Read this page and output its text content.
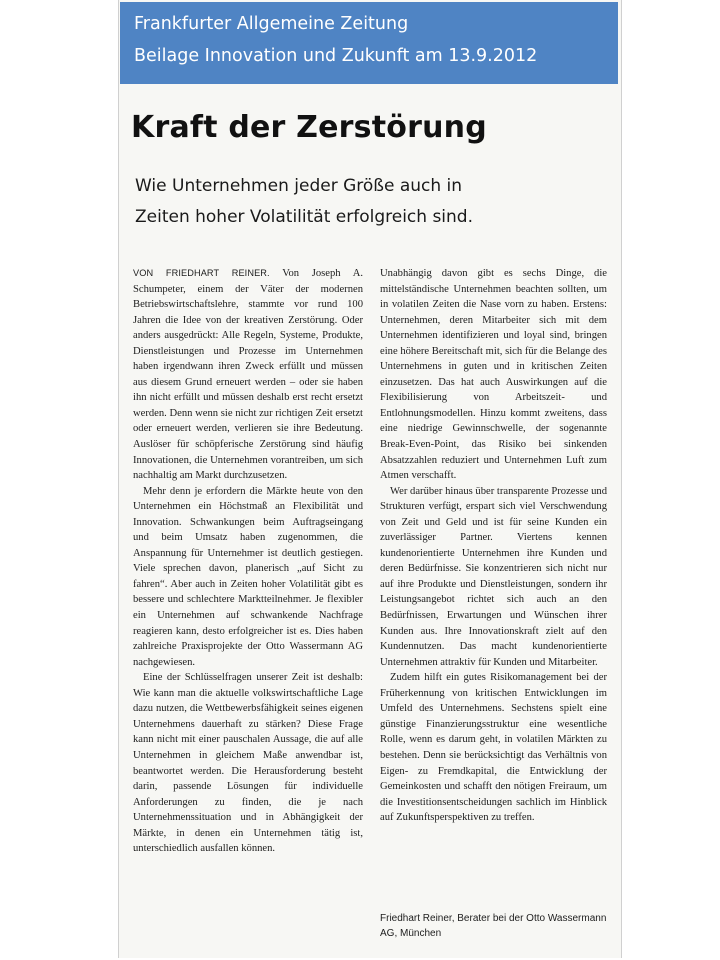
Frankfurter Allgemeine Zeitung
Beilage Innovation und Zukunft am 13.9.2012
Kraft der Zerstörung
Wie Unternehmen jeder Größe auch in
Zeiten hoher Volatilität erfolgreich sind.

VON FRIEDHART REINER. Von Joseph A. Schumpeter, einem der Väter der modernen Betriebswirtschaftslehre, stammte vor rund 100 Jahren die Idee von der kreativen Zerstörung. Oder anders ausgedrückt: Alle Regeln, Systeme, Produkte, Dienstleistungen und Prozesse im Unternehmen haben irgendwann ihren Zweck erfüllt und müssen aus diesem Grund erneuert werden – oder sie haben ihn nicht erfüllt und müssen deshalb erst recht ersetzt werden. Denn wenn sie nicht zur richtigen Zeit ersetzt oder erneuert werden, verlieren sie ihre Bedeutung. Auslöser für schöpferische Zerstörung sind häufig Innovationen, die Unternehmen vorantreiben, um sich nachhaltig am Markt durchzusetzen.

Mehr denn je erfordern die Märkte heute von den Unternehmen ein Höchstmaß an Flexibilität und Innovation. Schwankungen beim Auftragseingang und beim Umsatz haben zugenommen, die Anspannung für Unternehmer ist deutlich gestiegen. Viele sprechen davon, planerisch „auf Sicht zu fahren“. Aber auch in Zeiten hoher Volatilität gibt es bessere und schlechtere Marktteilnehmer. Je flexibler ein Unternehmen auf schwankende Nachfrage reagieren kann, desto erfolgreicher ist es. Dies haben zahlreiche Praxisprojekte der Otto Wassermann AG nachgewiesen.

Eine der Schlüsselfragen unserer Zeit ist deshalb: Wie kann man die aktuelle volkswirtschaftliche Lage dazu nutzen, die Wettbewerbsfähigkeit seines eigenen Unternehmens dauerhaft zu stärken? Diese Frage kann nicht mit einer pauschalen Aussage, die auf alle Unternehmen in gleichem Maße anwendbar ist, beantwortet werden. Die Herausforderung besteht darin, passende Lösungen für individuelle Anforderungen zu finden, die je nach Unternehmenssituation und in Abhängigkeit der Märkte, in denen ein Unternehmen tätig ist, unterschiedlich ausfallen können.

Unabhängig davon gibt es sechs Dinge, die mittelständische Unternehmen beachten sollten, um in volatilen Zeiten die Nase vorn zu haben. Erstens: Unternehmen, deren Mitarbeiter sich mit dem Unternehmen identifizieren und loyal sind, bringen eine höhere Bereitschaft mit, sich für die Belange des Unternehmens in guten und in kritischen Zeiten einzusetzen. Das hat auch Auswirkungen auf die Flexibilisierung von Arbeitszeit- und Entlohnungsmodellen. Hinzu kommt zweitens, dass eine niedrige Gewinnschwelle, der sogenannte Break-Even-Point, das Risiko bei sinkenden Absatzzahlen reduziert und Unternehmen Luft zum Atmen verschafft.

Wer darüber hinaus über transparente Prozesse und Strukturen verfügt, erspart sich viel Verschwendung von Zeit und Geld und ist für seine Kunden ein zuverlässiger Partner. Viertens kennen kundenorientierte Unternehmen ihre Kunden und deren Bedürfnisse. Sie konzentrieren sich nicht nur auf ihre Produkte und Dienstleistungen, sondern ihr Leistungsangebot richtet sich auch an den Bedürfnissen, Erwartungen und Wünschen ihrer Kunden aus. Ihre Innovationskraft zielt auf den Kundennutzen. Das macht kundenorientierte Unternehmen attraktiv für Kunden und Mitarbeiter.

Zudem hilft ein gutes Risikomanagement bei der Früherkennung von kritischen Entwicklungen im Umfeld des Unternehmens. Sechstens spielt eine günstige Finanzierungsstruktur eine wesentliche Rolle, wenn es darum geht, in volatilen Märkten zu bestehen. Denn sie berücksichtigt das Verhältnis von Eigen- zu Fremdkapital, die Entwicklung der Gemeinkosten und schafft den nötigen Freiraum, um die Investitionsentscheidungen sachlich im Hinblick auf Zukunftsperspektiven zu treffen.

Friedhart Reiner, Berater bei der Otto Wassermann AG, München
